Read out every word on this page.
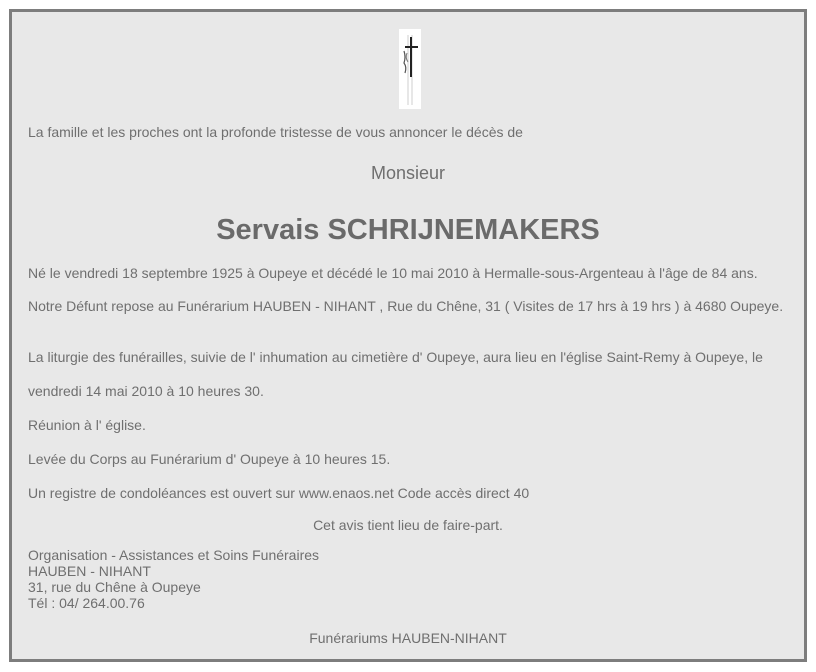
La famille et les proches ont la profonde tristesse de vous annoncer le décès de

Monsieur

Servais SCHRIJNEMAKERS

Né le vendredi 18 septembre 1925 à Oupeye et décédé le 10 mai 2010 à Hermalle-sous-Argenteau à l'âge de 84 ans.

Notre Défunt repose au Funérarium HAUBEN - NIHANT , Rue du Chêne, 31 ( Visites de 17 hrs à 19 hrs ) à 4680 Oupeye.

La liturgie des funérailles, suivie de l' inhumation au cimetière d' Oupeye, aura lieu en l'église Saint-Remy à Oupeye, le

vendredi 14 mai 2010 à 10 heures 30.

Réunion à l' église.

Levée du Corps au Funérarium d' Oupeye à 10 heures 15.

Un registre de condoléances est ouvert sur www.enaos.net Code accès direct 40

Cet avis tient lieu de faire-part.

Organisation - Assistances et Soins Funéraires
HAUBEN - NIHANT
31, rue du Chêne à Oupeye
Tél : 04/ 264.00.76

Funérariums HAUBEN-NIHANT
